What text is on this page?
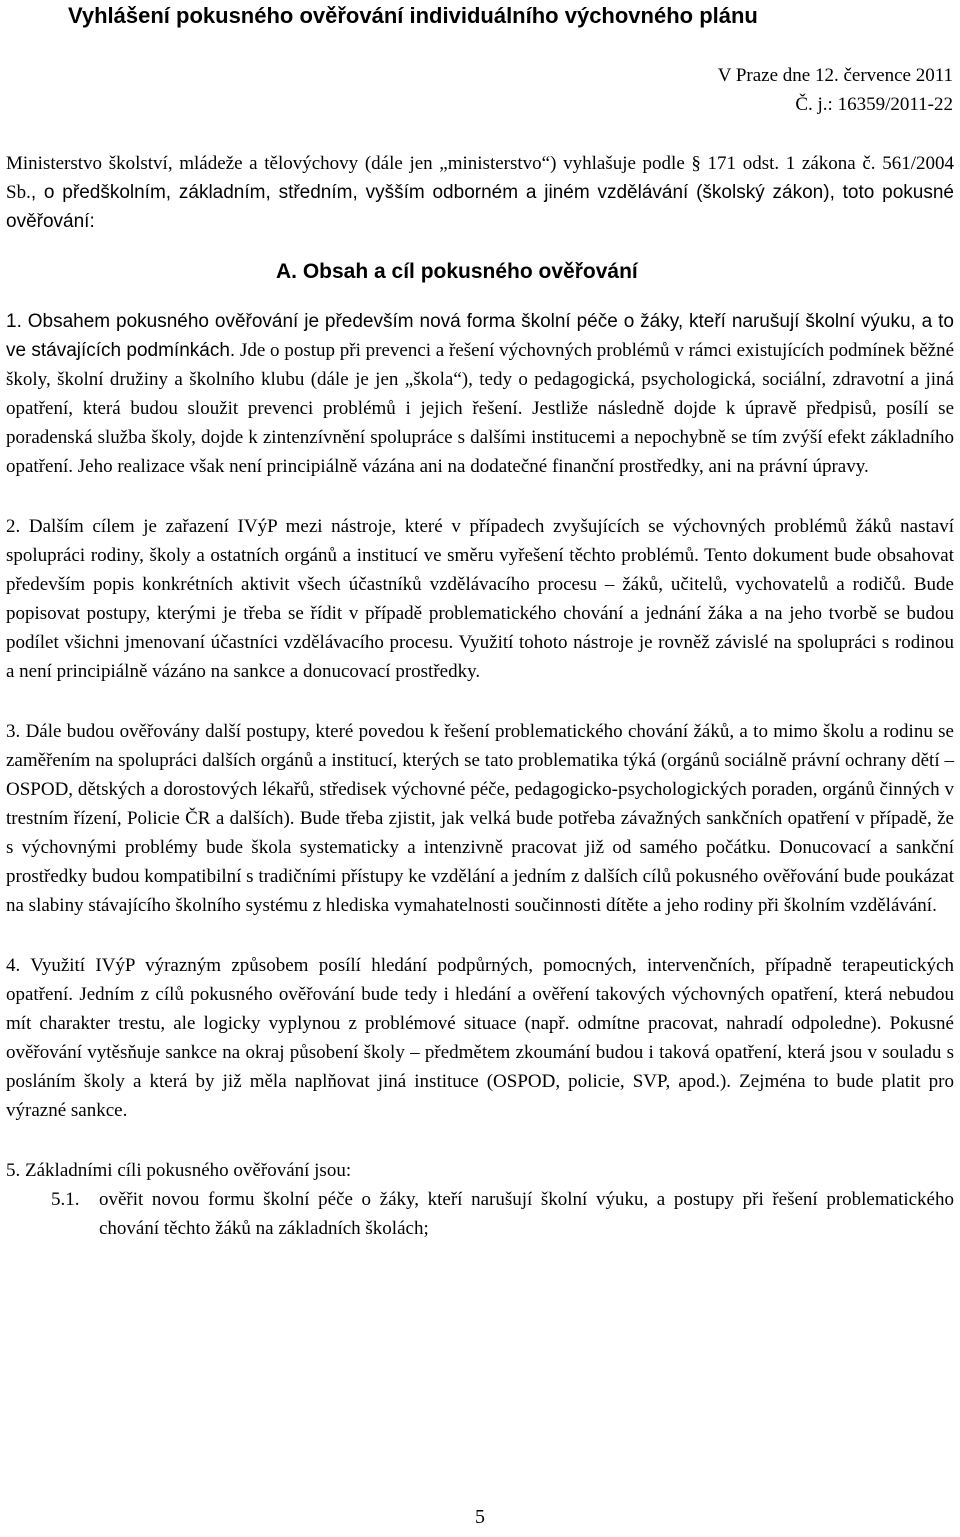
Vyhlášení pokusného ověřování individuálního výchovného plánu
V Praze dne 12. července 2011
Č. j.: 16359/2011-22

Ministerstvo školství, mládeže a tělovýchovy (dále jen „ministerstvo“) vyhlašuje podle § 171 odst. 1 zákona č. 561/2004 Sb., o předškolním, základním, středním, vyšším odborném a jiném vzdělávání (školský zákon), toto pokusné ověřování:

A. Obsah a cíl pokusného ověřování

1. Obsahem pokusného ověřování je především nová forma školní péče o žáky, kteří narušují školní výuku, a to ve stávajících podmínkách. Jde o postup při prevenci a řešení výchovných problémů v rámci existujících podmínek běžné školy, školní družiny a školního klubu (dále je jen „škola“), tedy o pedagogická, psychologická, sociální, zdravotní a jiná opatření, která budou sloužit prevenci problémů i jejich řešení. Jestliže následně dojde k úpravě předpisů, posílí se poradenská služba školy, dojde k zintenzívnění spolupráce s dalšími institucemi a nepochybně se tím zvýší efekt základního opatření. Jeho realizace však není principiálně vázána ani na dodatečné finanční prostředky, ani na právní úpravy.

2. Dalším cílem je zařazení IVýP mezi nástroje, které v případech zvyšujících se výchovných problémů žáků nastaví spolupráci rodiny, školy a ostatních orgánů a institucí ve směru vyřešení těchto problémů. Tento dokument bude obsahovat především popis konkrétních aktivit všech účastníků vzdělávacího procesu – žáků, učitelů, vychovatelů a rodičů. Bude popisovat postupy, kterými je třeba se řídit v případě problematického chování a jednání žáka a na jeho tvorbě se budou podílet všichni jmenovaní účastníci vzdělávacího procesu. Využití tohoto nástroje je rovněž závislé na spolupráci s rodinou a není principiálně vázáno na sankce a donucovací prostředky.

3. Dále budou ověřovány další postupy, které povedou k řešení problematického chování žáků, a to mimo školu a rodinu se zaměřením na spolupráci dalších orgánů a institucí, kterých se tato problematika týká (orgánů sociálně právní ochrany dětí – OSPOD, dětských a dorostových lékařů, středisek výchovné péče, pedagogicko-psychologických poraden, orgánů činných v trestním řízení, Policie ČR a dalších). Bude třeba zjistit, jak velká bude potřeba závažných sankčních opatření v případě, že s výchovnými problémy bude škola systematicky a intenzivně pracovat již od samého počátku. Donucovací a sankční prostředky budou kompatibilní s tradičními přístupy ke vzdělání a jedním z dalších cílů pokusného ověřování bude poukázat na slabiny stávajícího školního systému z hlediska vymahatelnosti součinnosti dítěte a jeho rodiny při školním vzdělávání.

4. Využití IVýP výrazným způsobem posílí hledání podpůrných, pomocných, intervenčních, případně terapeutických opatření. Jedním z cílů pokusného ověřování bude tedy i hledání a ověření takových výchovných opatření, která nebudou mít charakter trestu, ale logicky vyplynou z problémové situace (např. odmítne pracovat, nahradí odpoledne). Pokusné ověřování vytěsňuje sankce na okraj působení školy – předmětem zkoumání budou i taková opatření, která jsou v souladu s posláním školy a která by již měla naplňovat jiná instituce (OSPOD, policie, SVP, apod.). Zejména to bude platit pro výrazné sankce.

5. Základními cíli pokusného ověřování jsou:
5.1.	ověřit novou formu školní péče o žáky, kteří narušují školní výuku, a postupy při řešení problematického chování těchto žáků na základních školách;
5
